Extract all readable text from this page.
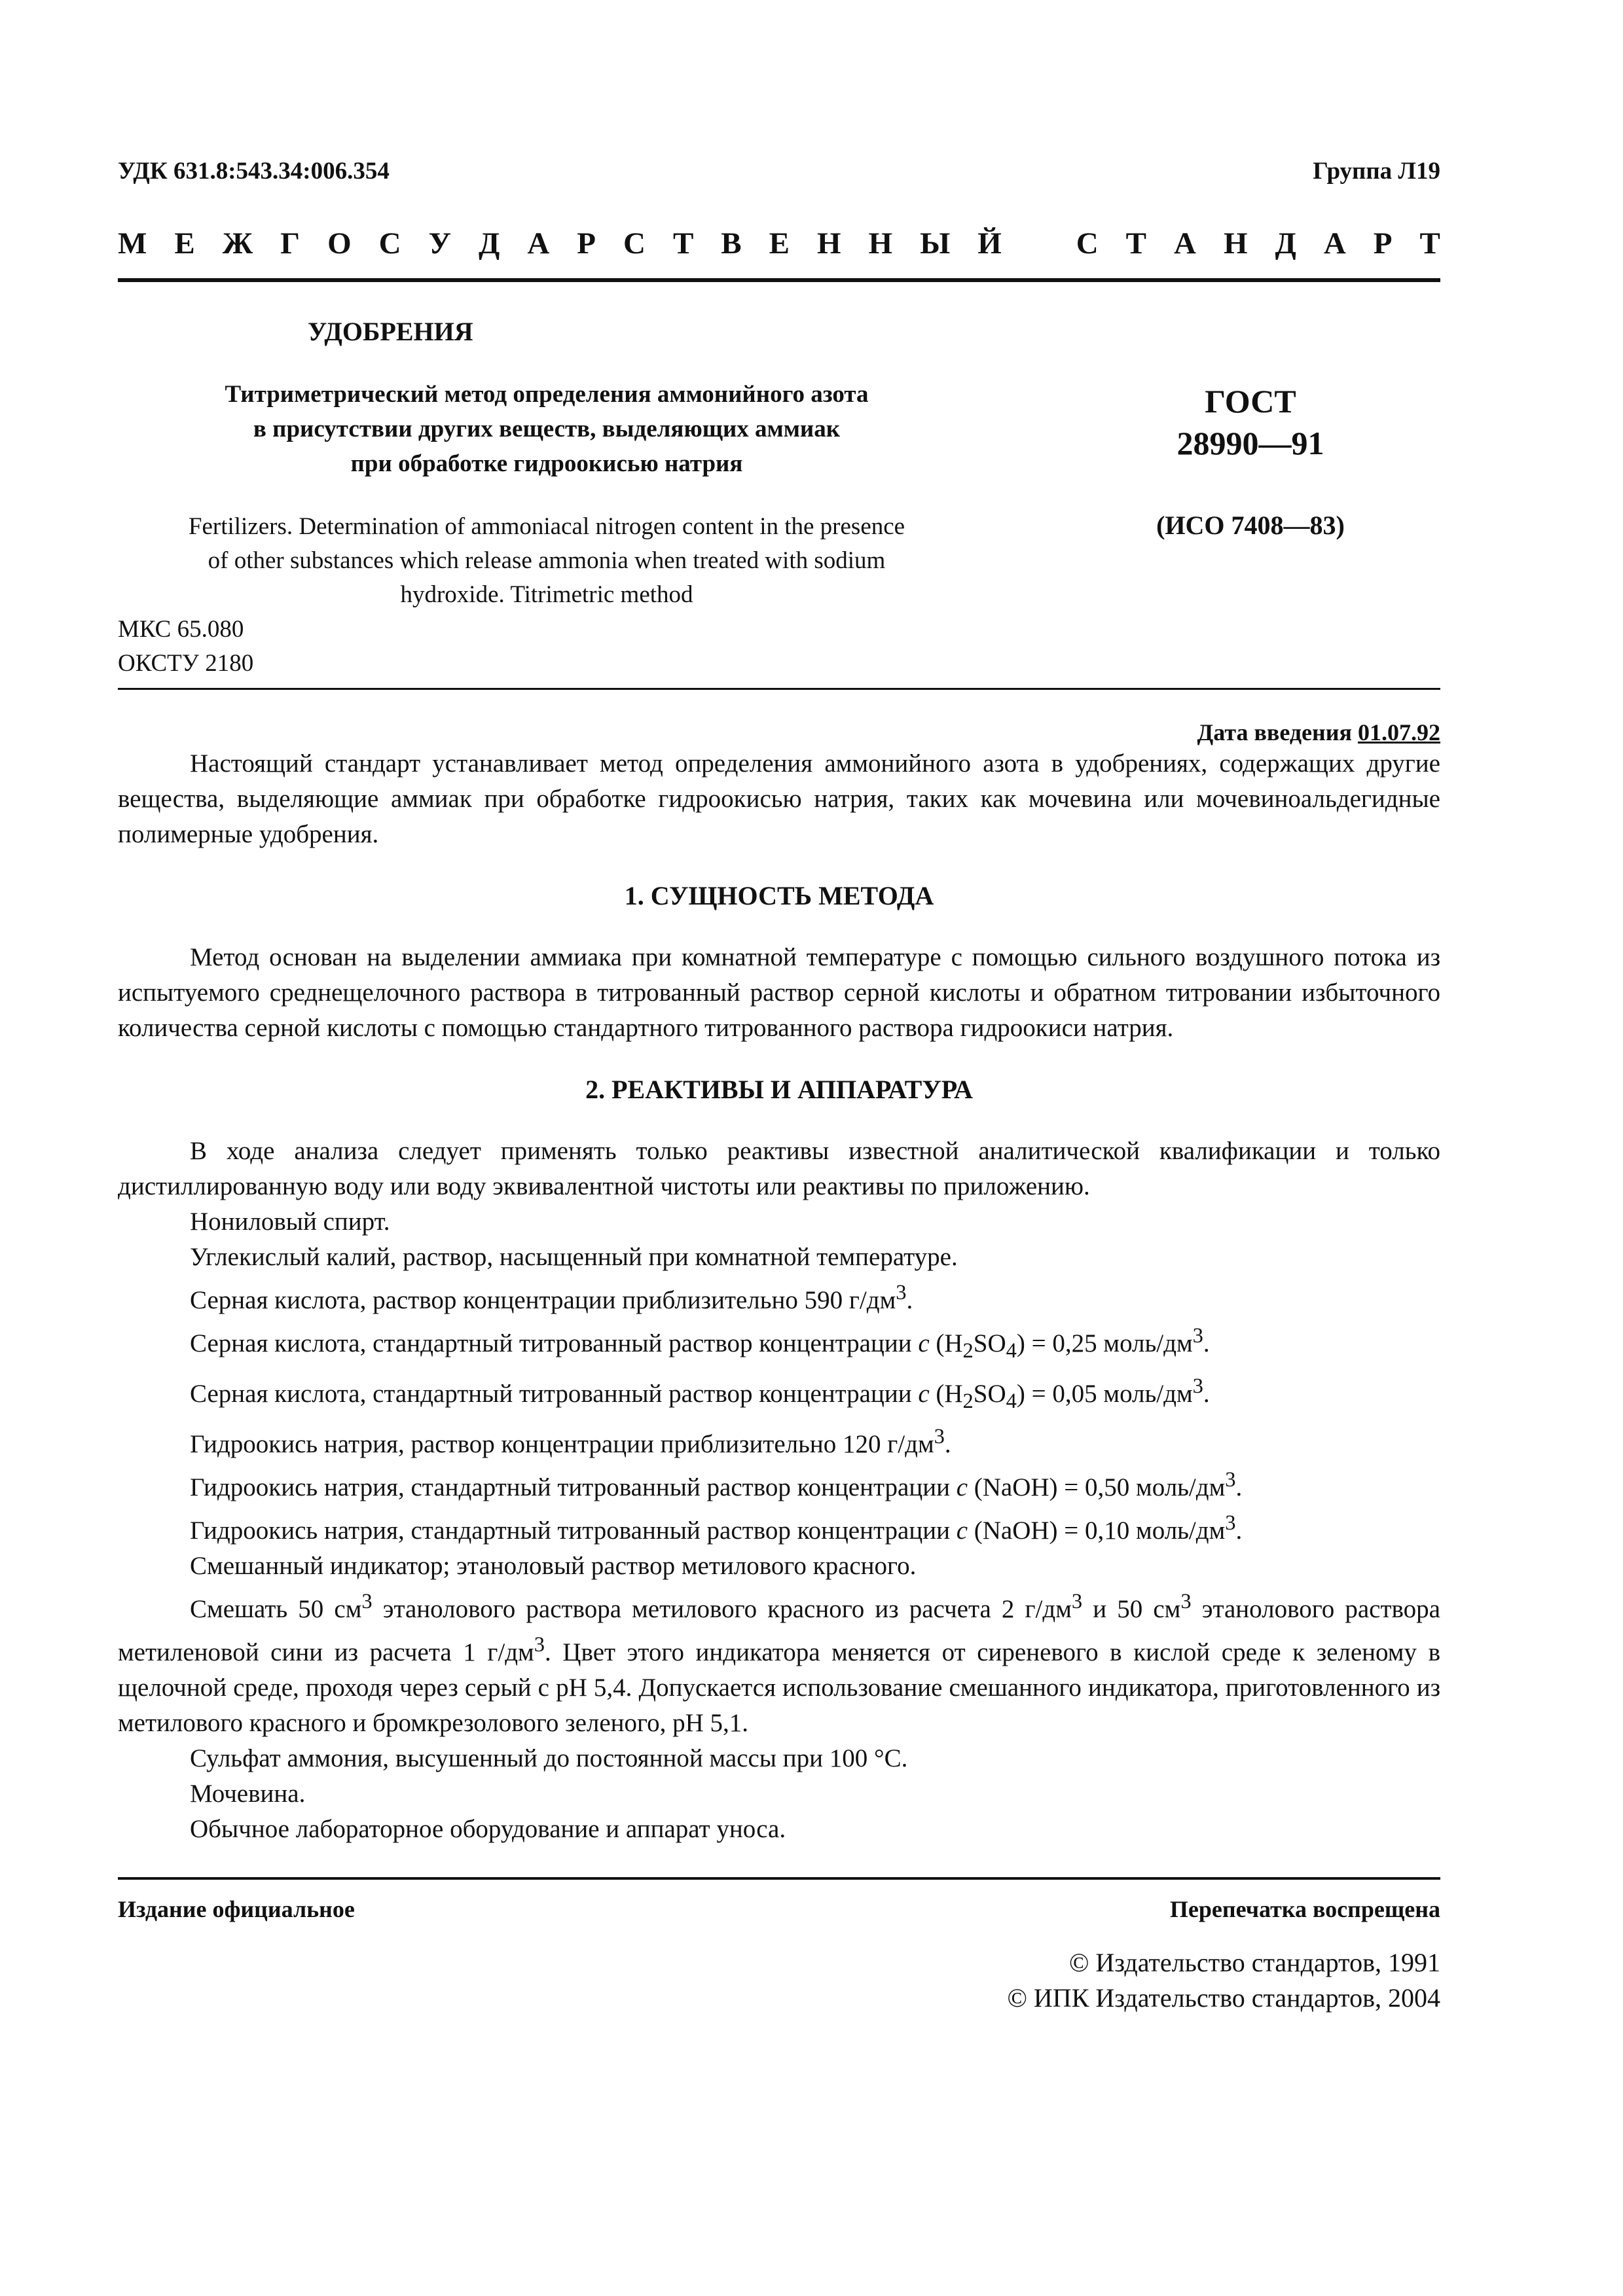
УДК 631.8:543.34:006.354	Группа Л19
М Е Ж Г О С У Д А Р С Т В Е Н Н Ы Й С Т А Н Д А Р Т
УДОБРЕНИЯ
Титриметрический метод определения аммонийного азота
в присутствии других веществ, выделяющих аммиак
при обработке гидроокисью натрия
ГОСТ
28990—91
Fertilizers. Determination of ammoniacal nitrogen content in the presence
of other substances which release ammonia when treated with sodium
hydroxide. Titrimetric method
(ИСО 7408—83)
МКС 65.080
ОКСТУ 2180
Дата введения 01.07.92

Настоящий стандарт устанавливает метод определения аммонийного азота в удобрениях, содержащих другие вещества, выделяющие аммиак при обработке гидроокисью натрия, таких как мочевина или мочевиноальдегидные полимерные удобрения.

1. СУЩНОСТЬ МЕТОДА

Метод основан на выделении аммиака при комнатной температуре с помощью сильного воздушного потока из испытуемого среднещелочного раствора в титрованный раствор серной кислоты и обратном титровании избыточного количества серной кислоты с помощью стандартного титрованного раствора гидроокиси натрия.

2. РЕАКТИВЫ И АППАРАТУРА

В ходе анализа следует применять только реактивы известной аналитической квалификации и только дистиллированную воду или воду эквивалентной чистоты или реактивы по приложению.

Нониловый спирт.

Углекислый калий, раствор, насыщенный при комнатной температуре.

Серная кислота, раствор концентрации приблизительно 590 $г/дм^3$.

Серная кислота, стандартный титрованный раствор концентрации c $(H_2SO_4) = 0,25$ моль/$дм^3$.

Серная кислота, стандартный титрованный раствор концентрации c $(H_2SO_4) = 0,05$ моль/$дм^3$.

Гидроокись натрия, раствор концентрации приблизительно 120 $г/дм^3$.

Гидроокись натрия, стандартный титрованный раствор концентрации c (NaOH) = 0,50 моль/$дм^3$.

Гидроокись натрия, стандартный титрованный раствор концентрации c (NaOH) = 0,10 моль/$дм^3$.

Смешанный индикатор; этаноловый раствор метилового красного.

Смешать 50 $см^3$ этанолового раствора метилового красного из расчета 2 $г/дм^3$ и 50 $см^3$ этанолового раствора метиленовой сини из расчета 1 $г/дм^3$. Цвет этого индикатора меняется от сиреневого в кислой среде к зеленому в щелочной среде, проходя через серый с pH 5,4. Допускается использование смешанного индикатора, приготовленного из метилового красного и бромкрезолового зеленого, pH 5,1.

Сульфат аммония, высушенный до постоянной массы при 100 °С.

Мочевина.

Обычное лабораторное оборудование и аппарат уноса.

Издание официальное	Перепечатка воспрещена
© Издательство стандартов, 1991
© ИПК Издательство стандартов, 2004
